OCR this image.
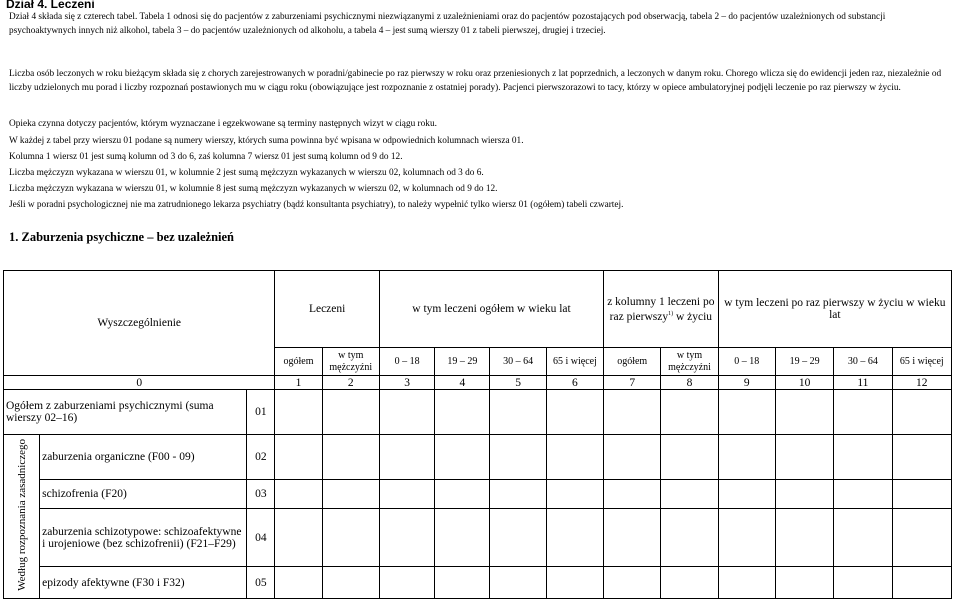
Dział 4. Leczeni

Dział 4 składa się z czterech tabel. Tabela 1 odnosi się do pacjentów z zaburzeniami psychicznymi niezwiązanymi z uzależnieniami oraz do pacjentów pozostających pod obserwacją, tabela 2 – do pacjentów uzależnionych od substancji psychoaktywnych innych niż alkohol, tabela 3 – do pacjentów uzależnionych od alkoholu, a tabela 4 – jest sumą wierszy 01 z tabeli pierwszej, drugiej i trzeciej.

Liczba osób leczonych w roku bieżącym składa się z chorych zarejestrowanych w poradni/gabinecie po raz pierwszy w roku oraz przeniesionych z lat poprzednich, a leczonych w danym roku. Chorego wlicza się do ewidencji jeden raz, niezależnie od liczby udzielonych mu porad i liczby rozpoznań postawionych mu w ciągu roku (obowiązujące jest rozpoznanie z ostatniej porady). Pacjenci pierwszorazowi to tacy, którzy w opiece ambulatoryjnej podjęli leczenie po raz pierwszy w życiu.

Opieka czynna dotyczy pacjentów, którym wyznaczane i egzekwowane są terminy następnych wizyt w ciągu roku.

W każdej z tabel przy wierszu 01 podane są numery wierszy, których suma powinna być wpisana w odpowiednich kolumnach wiersza 01.

Kolumna 1 wiersz 01 jest sumą kolumn od 3 do 6, zaś kolumna 7 wiersz 01 jest sumą kolumn od 9 do 12.

Liczba mężczyzn wykazana w wierszu 01, w kolumnie 2 jest sumą mężczyzn wykazanych w wierszu 02, kolumnach od 3 do 6.

Liczba mężczyzn wykazana w wierszu 01, w kolumnie 8 jest sumą mężczyzn wykazanych w wierszu 02, w kolumnach od 9 do 12.

Jeśli w poradni psychologicznej nie ma zatrudnionego lekarza psychiatry (bądź konsultanta psychiatry), to należy wypełnić tylko wiersz 01 (ogółem) tabeli czwartej.

1. Zaburzenia psychiczne – bez uzależnień

Wyszczególnienie			Leczeni		w tym leczeni ogółem w wieku lat				z kolumny 1 leczeni po raz pierwszy$^{1)}$ w życiu		w tym leczeni po raz pierwszy w życiu w wieku lat			
			ogółem	w tym mężczyźni	0 – 18	19 – 29	30 – 64	65 i więcej	ogółem	w tym mężczyźni	0 – 18	19 – 29	30 – 64	65 i więcej
0			1	2	3	4	5	6	7	8	9	10	11	12
Ogółem z zaburzeniami psychicznymi (suma wierszy 02–16)		01												
Według rozpoznania zasadniczego	zaburzenia organiczne (F00 - 09)	02												
	schizofrenia (F20)	03												
	zaburzenia schizotypowe: schizoafektywne i urojeniowe (bez schizofrenii) (F21–F29)	04												
	epizody afektywne (F30 i F32)	05												
